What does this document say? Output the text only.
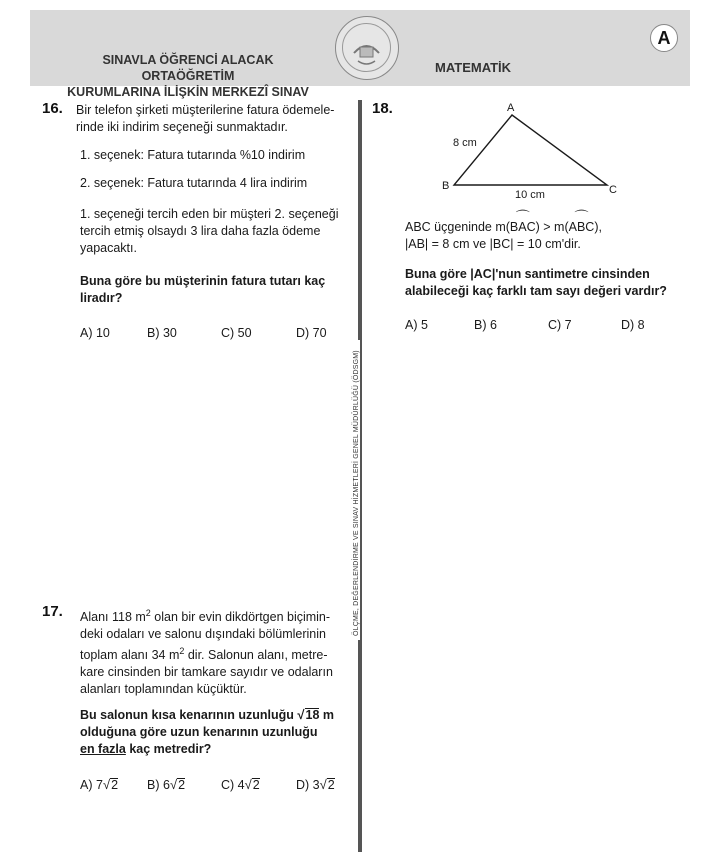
SINAVLA ÖĞRENCİ ALACAK ORTAÖĞRETİM
KURUMLARINA İLİŞKİN MERKEZÎ SINAV
MATEMATİK
A
ÖLÇME, DEĞERLENDİRME VE SINAV HİZMETLERİ GENEL MÜDÜRLÜĞÜ (ÖDSGM)
16. Bir telefon şirketi müşterilerine fatura ödemele-
rinde iki indirim seçeneği sunmaktadır.
1. seçenek: Fatura tutarında %10 indirim
2. seçenek: Fatura tutarında 4 lira indirim
1. seçeneği tercih eden bir müşteri 2. seçeneği
tercih etmiş olsaydı 3 lira daha fazla ödeme
yapacaktı.
Buna göre bu müşterinin fatura tutarı kaç
liradır?
A) 10	B) 30	C) 50	D) 70
17. Alanı 118 $m^2$ olan bir evin dikdörtgen biçimin-
deki odaları ve salonu dışındaki bölümlerinin
toplam alanı 34 $m^2$ dir. Salonun alanı, metre-
kare cinsinden bir tamkare sayıdır ve odaların
alanları toplamından küçüktür.
Bu salonun kısa kenarının uzunluğu √18 m
olduğuna göre uzun kenarının uzunluğu
en fazla kaç metredir?
A) 7√2 B) 6√2	C) 4√2	D) 3√2
18.	A
B	C
8 cm
10 cm
ABC üçgeninde m(⌒ BAC) > m(⌒ ABC),
|AB| = 8 cm ve |BC| = 10 cm'dir.
Buna göre |AC|'nun santimetre cinsinden
alabileceği kaç farklı tam sayı değeri vardır?
A) 5	B) 6	C) 7	D) 8
